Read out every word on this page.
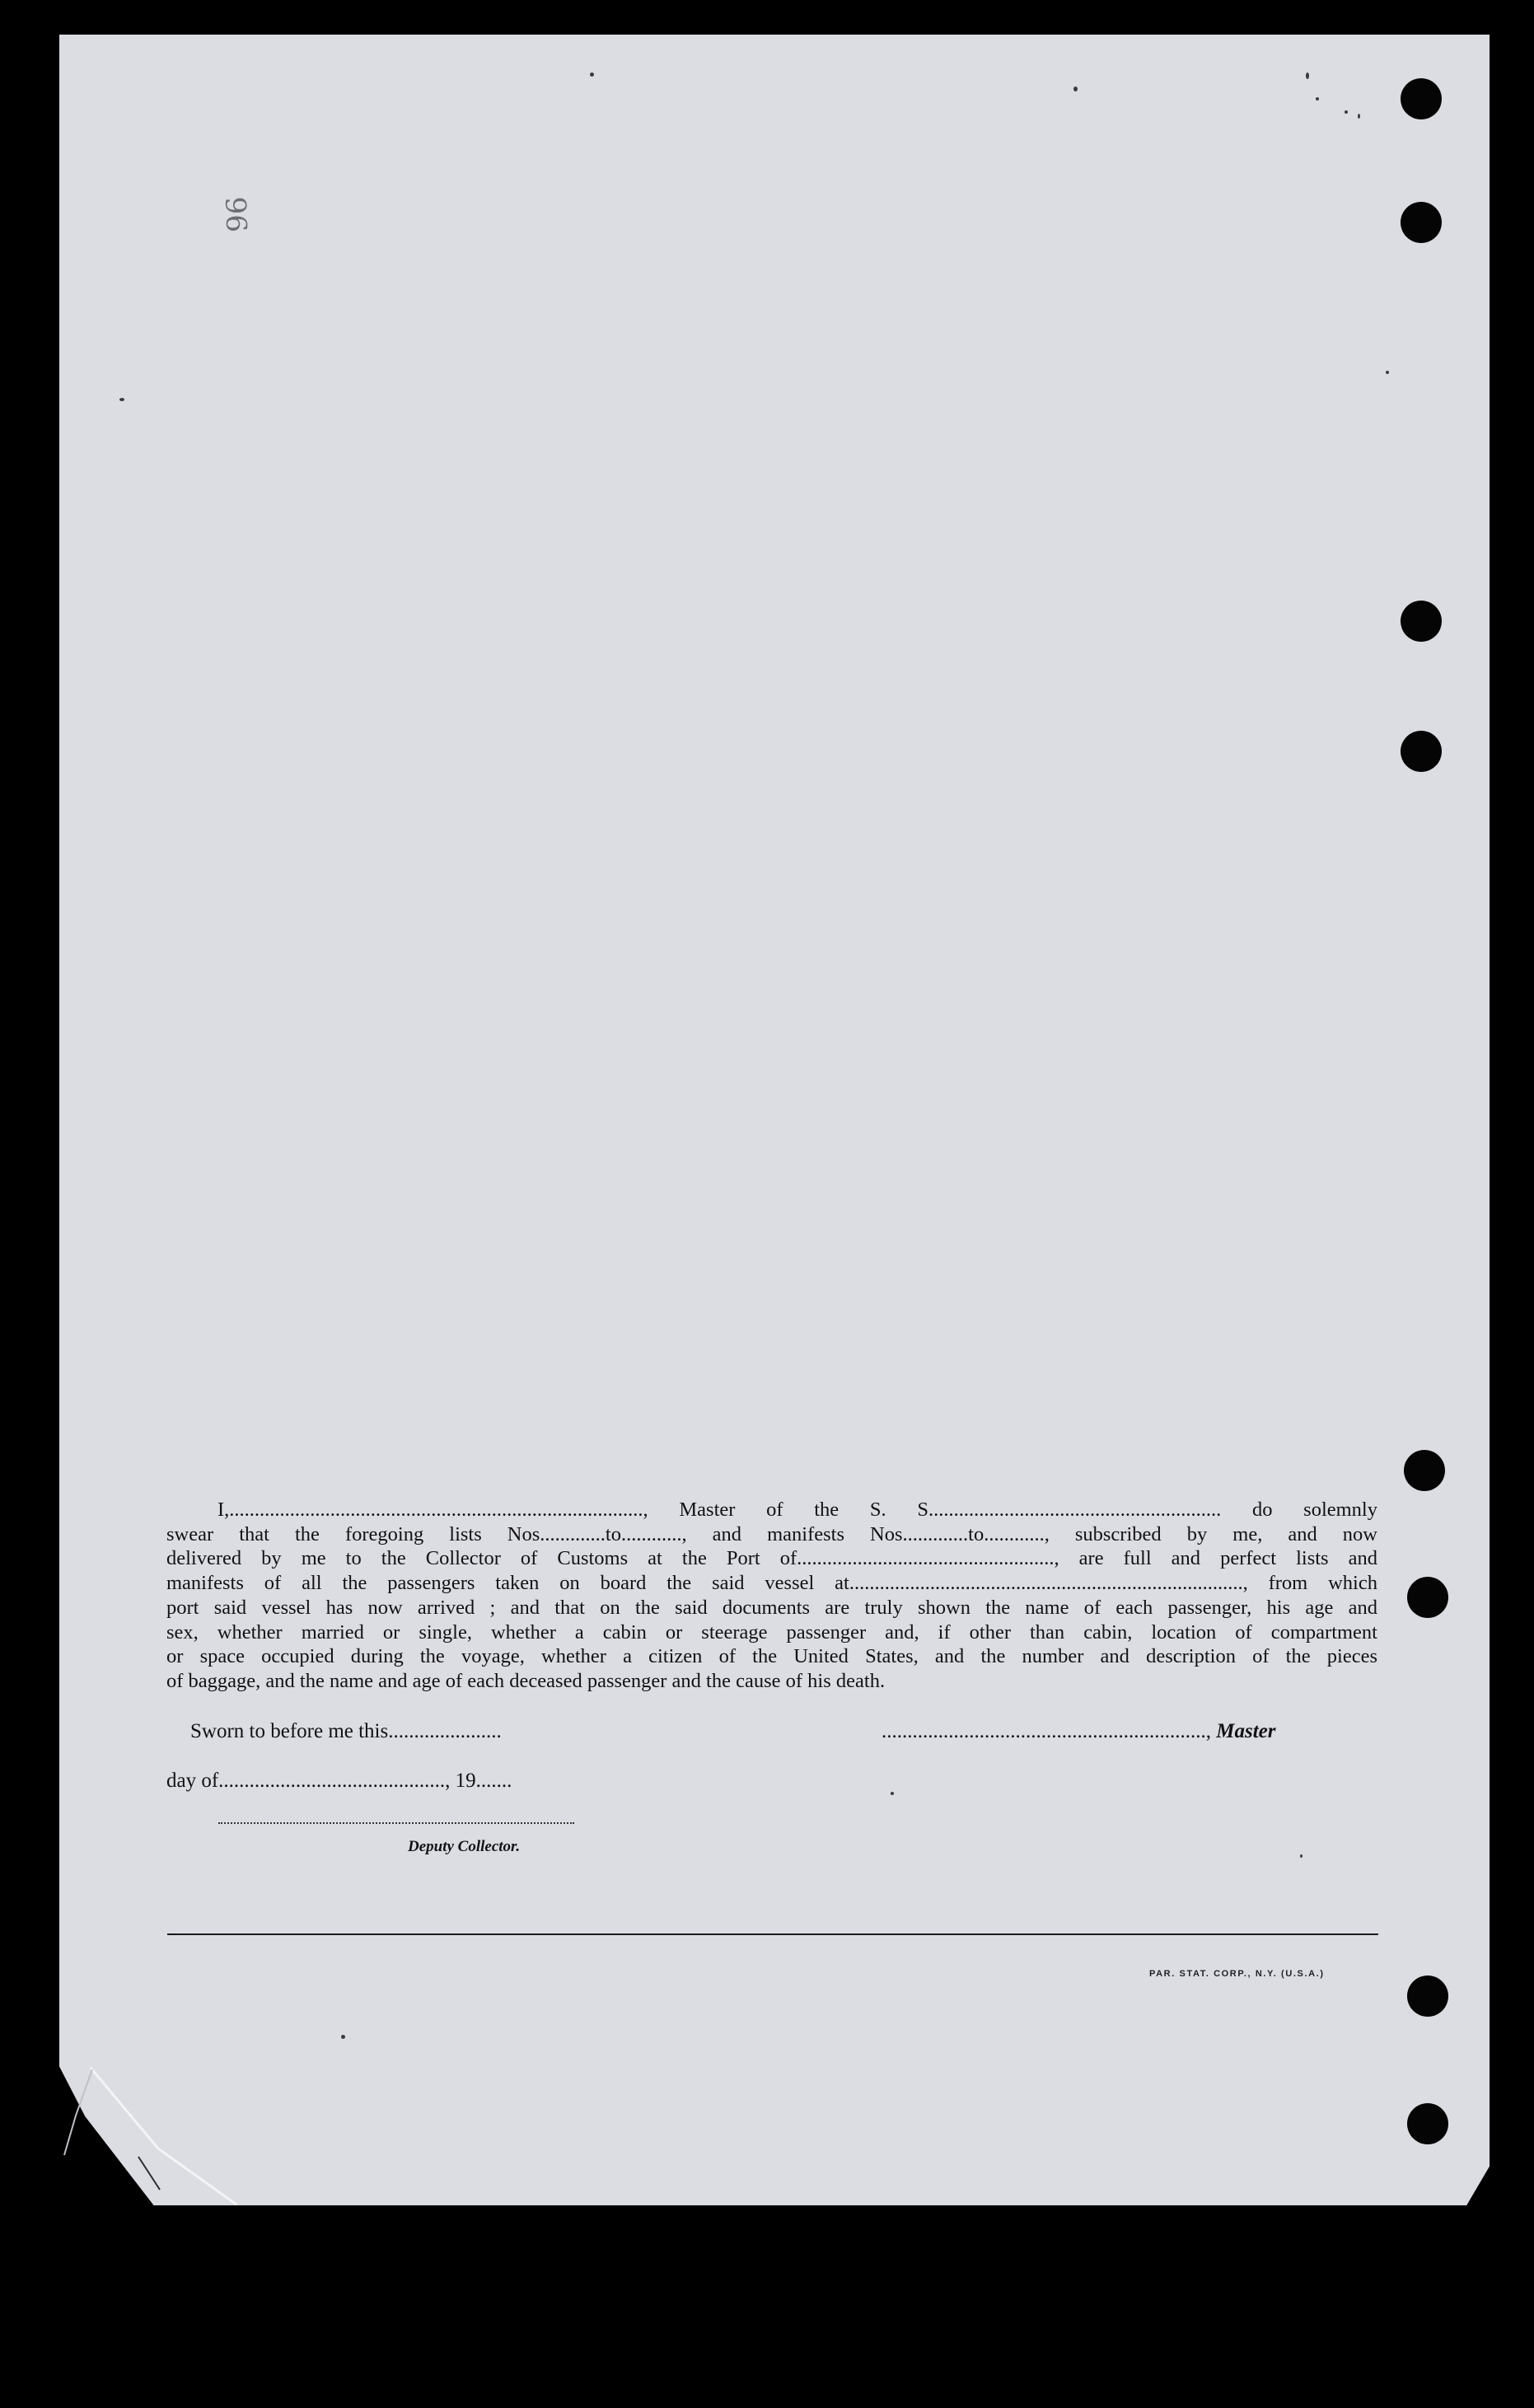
96
I,.................................................................................., Master of the S. S.......................................................... do solemnly
swear that the foregoing lists Nos.............to............, and manifests Nos.............to............, subscribed by me, and now
delivered by me to the Collector of Customs at the Port of..................................................., are full and perfect lists and
manifests of all the passengers taken on board the said vessel at.............................................................................., from which
port said vessel has now arrived ; and that on the said documents are truly shown the name of each passenger, his age and
sex, whether married or single, whether a cabin or steerage passenger and, if other than cabin, location of compartment
or space occupied during the voyage, whether a citizen of the United States, and the number and description of the pieces
of baggage, and the name and age of each deceased passenger and the cause of his death.
Sworn to before me this......................	..............................................................., Master
day of............................................, 19.......
Deputy Collector.
PAR. STAT. CORP., N.Y. (U.S.A.)
